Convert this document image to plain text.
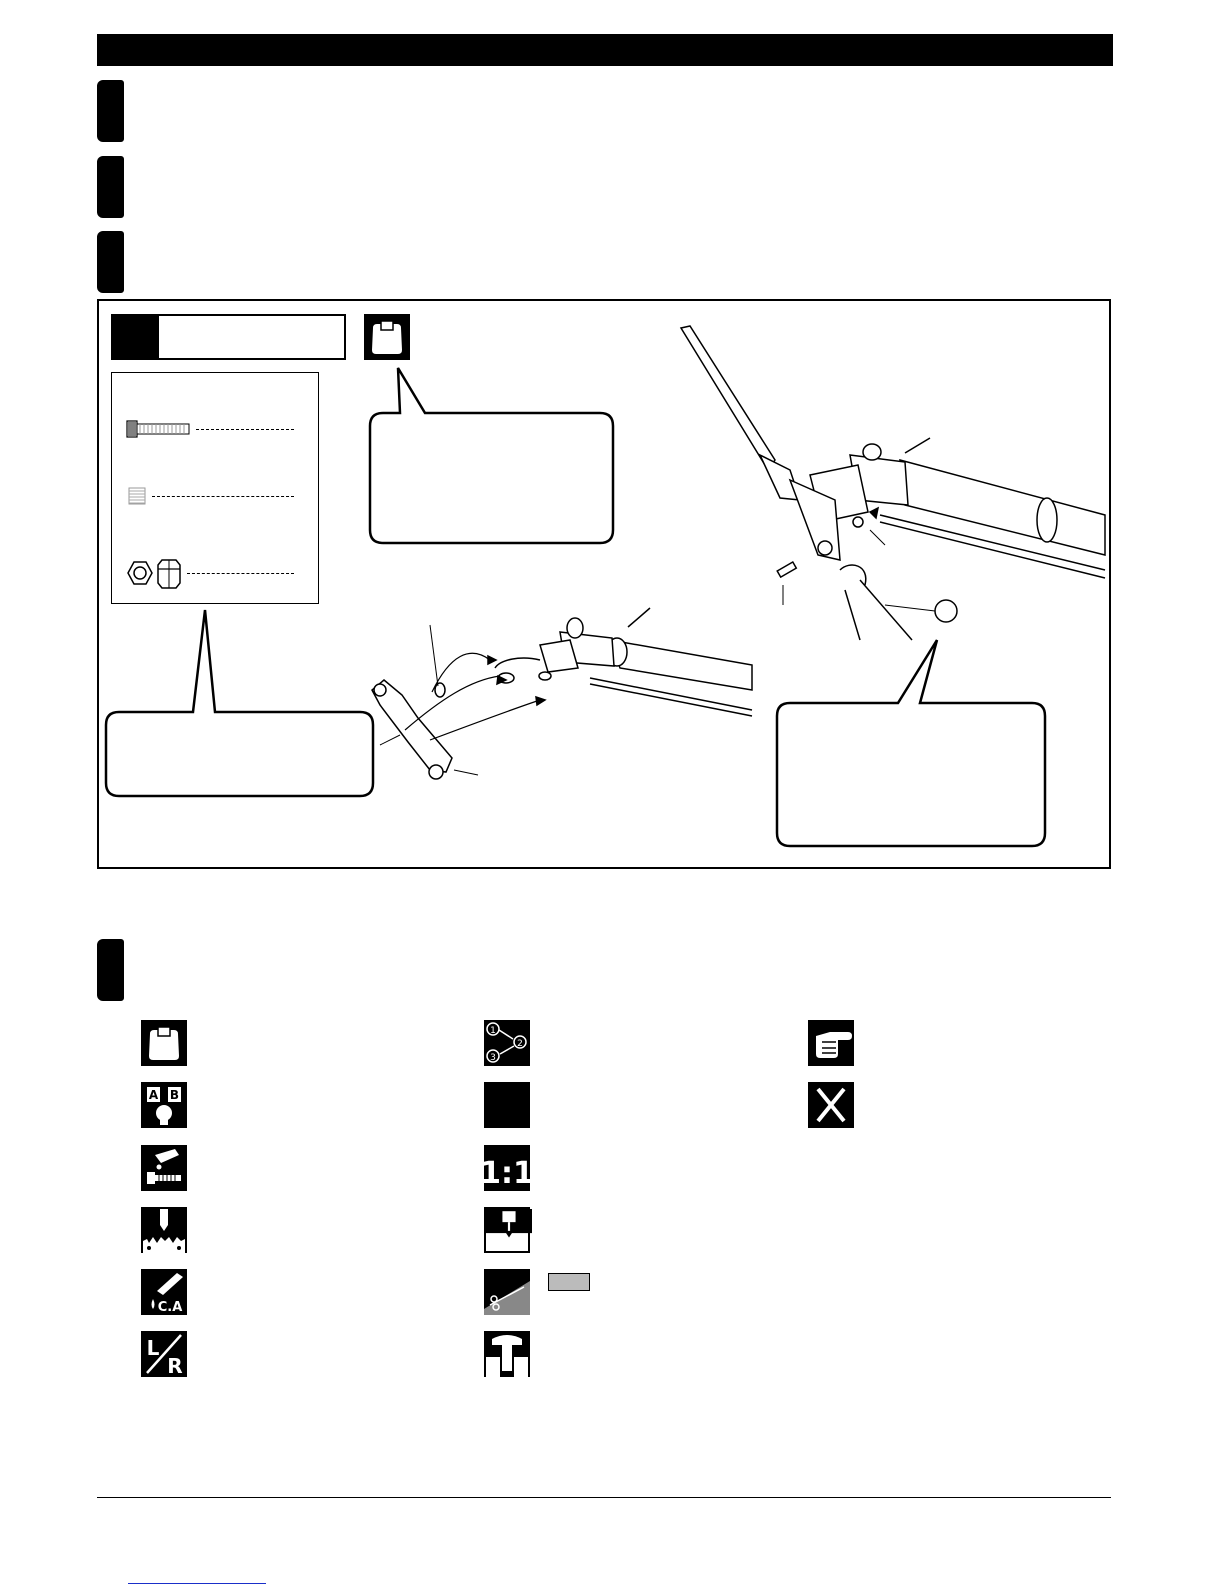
A B
C.A
L
R
1
2
3
1:1
